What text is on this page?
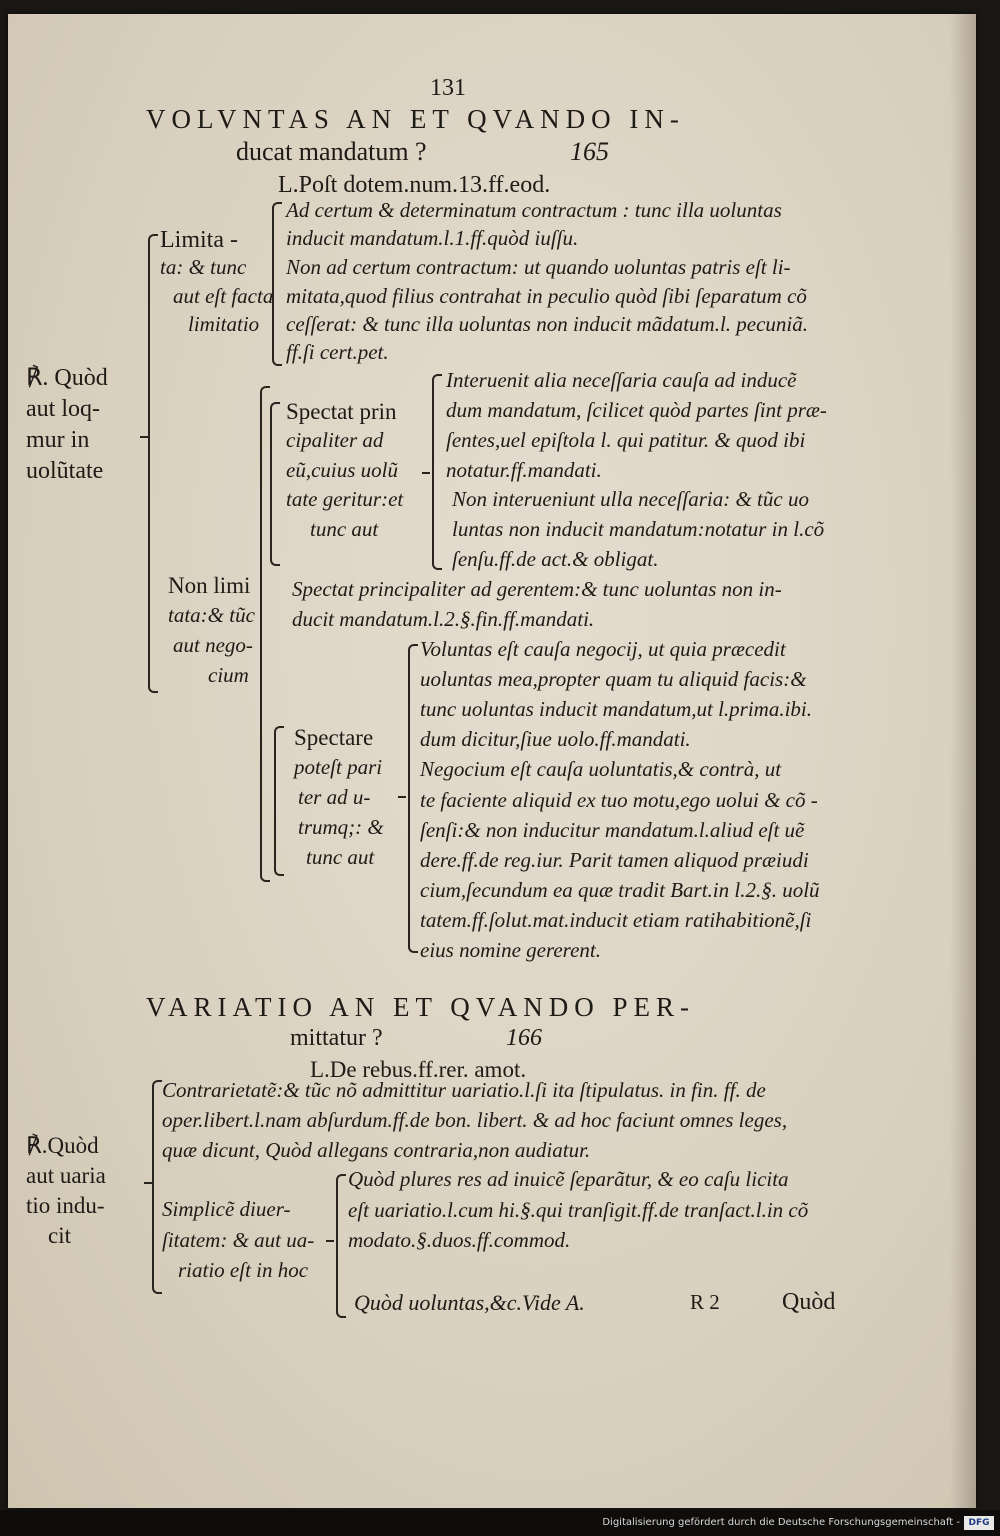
131
VOLVNTAS AN ET QVANDO IN-
ducat mandatum ?	165
L.Poſt dotem.num.13.ff.eod.
℟. Quòd
aut loq-
mur in
uolũtate
Limita -
ta: & tunc
aut eſt facta
limitatio
Ad certum & determinatum contractum : tunc illa uoluntas
inducit mandatum.l.1.ff.quòd iuſſu.
Non ad certum contractum: ut quando uoluntas patris eſt li-
mitata,quod filius contrahat in peculio quòd ſibi ſeparatum cõ
ceſſerat: & tunc illa uoluntas non inducit mãdatum.l. pecuniã.
ff.ſi cert.pet.
Spectat prin
cipaliter ad
eũ,cuius uolũ
tate geritur:et
tunc aut
Interuenit alia neceſſaria cauſa ad inducẽ
dum mandatum, ſcilicet quòd partes ſint præ-
ſentes,uel epiſtola l. qui patitur. & quod ibi
notatur.ff.mandati.
Non interueniunt ulla neceſſaria: & tũc uo
luntas non inducit mandatum:notatur in l.cõ
ſenſu.ff.de act.& obligat.
Non limi
tata:& tũc
aut nego-
cium
Spectat principaliter ad gerentem:& tunc uoluntas non in-
ducit mandatum.l.2.§.fin.ff.mandati.
Spectare
poteſt pari
ter ad u-
trumq;: &
tunc aut
Voluntas eſt cauſa negocij, ut quia præcedit
uoluntas mea,propter quam tu aliquid facis:&
tunc uoluntas inducit mandatum,ut l.prima.ibi.
dum dicitur,ſiue uolo.ff.mandati.
Negocium eſt cauſa uoluntatis,& contrà, ut
te faciente aliquid ex tuo motu,ego uolui & cõ -
ſenſi:& non inducitur mandatum.l.aliud eſt uẽ
dere.ff.de reg.iur. Parit tamen aliquod præiudi
cium,ſecundum ea quæ tradit Bart.in l.2.§. uolũ
tatem.ff.ſolut.mat.inducit etiam ratihabitionẽ,ſi
eius nomine gererent.
VARIATIO AN ET QVANDO PER-
mittatur ?	166
L.De rebus.ff.rer. amot.
℟.Quòd
aut uaria
tio indu-
cit
Contrarietatẽ:& tũc nõ admittitur uariatio.l.ſi ita ſtipulatus. in fin. ff. de
oper.libert.l.nam abſurdum.ff.de bon. libert. & ad hoc faciunt omnes leges,
quæ dicunt, Quòd allegans contraria,non audiatur.
Simplicẽ diuer-
ſitatem: & aut ua-
riatio eſt in hoc
Quòd plures res ad inuicẽ ſeparãtur, & eo caſu licita
eſt uariatio.l.cum hi.§.qui tranſigit.ff.de tranſact.l.in cõ
modato.§.duos.ff.commod.
Quòd uoluntas,&c.Vide A.	R 2	Quòd
Digitalisierung gefördert durch die Deutsche Forschungsgemeinschaft - DFG
